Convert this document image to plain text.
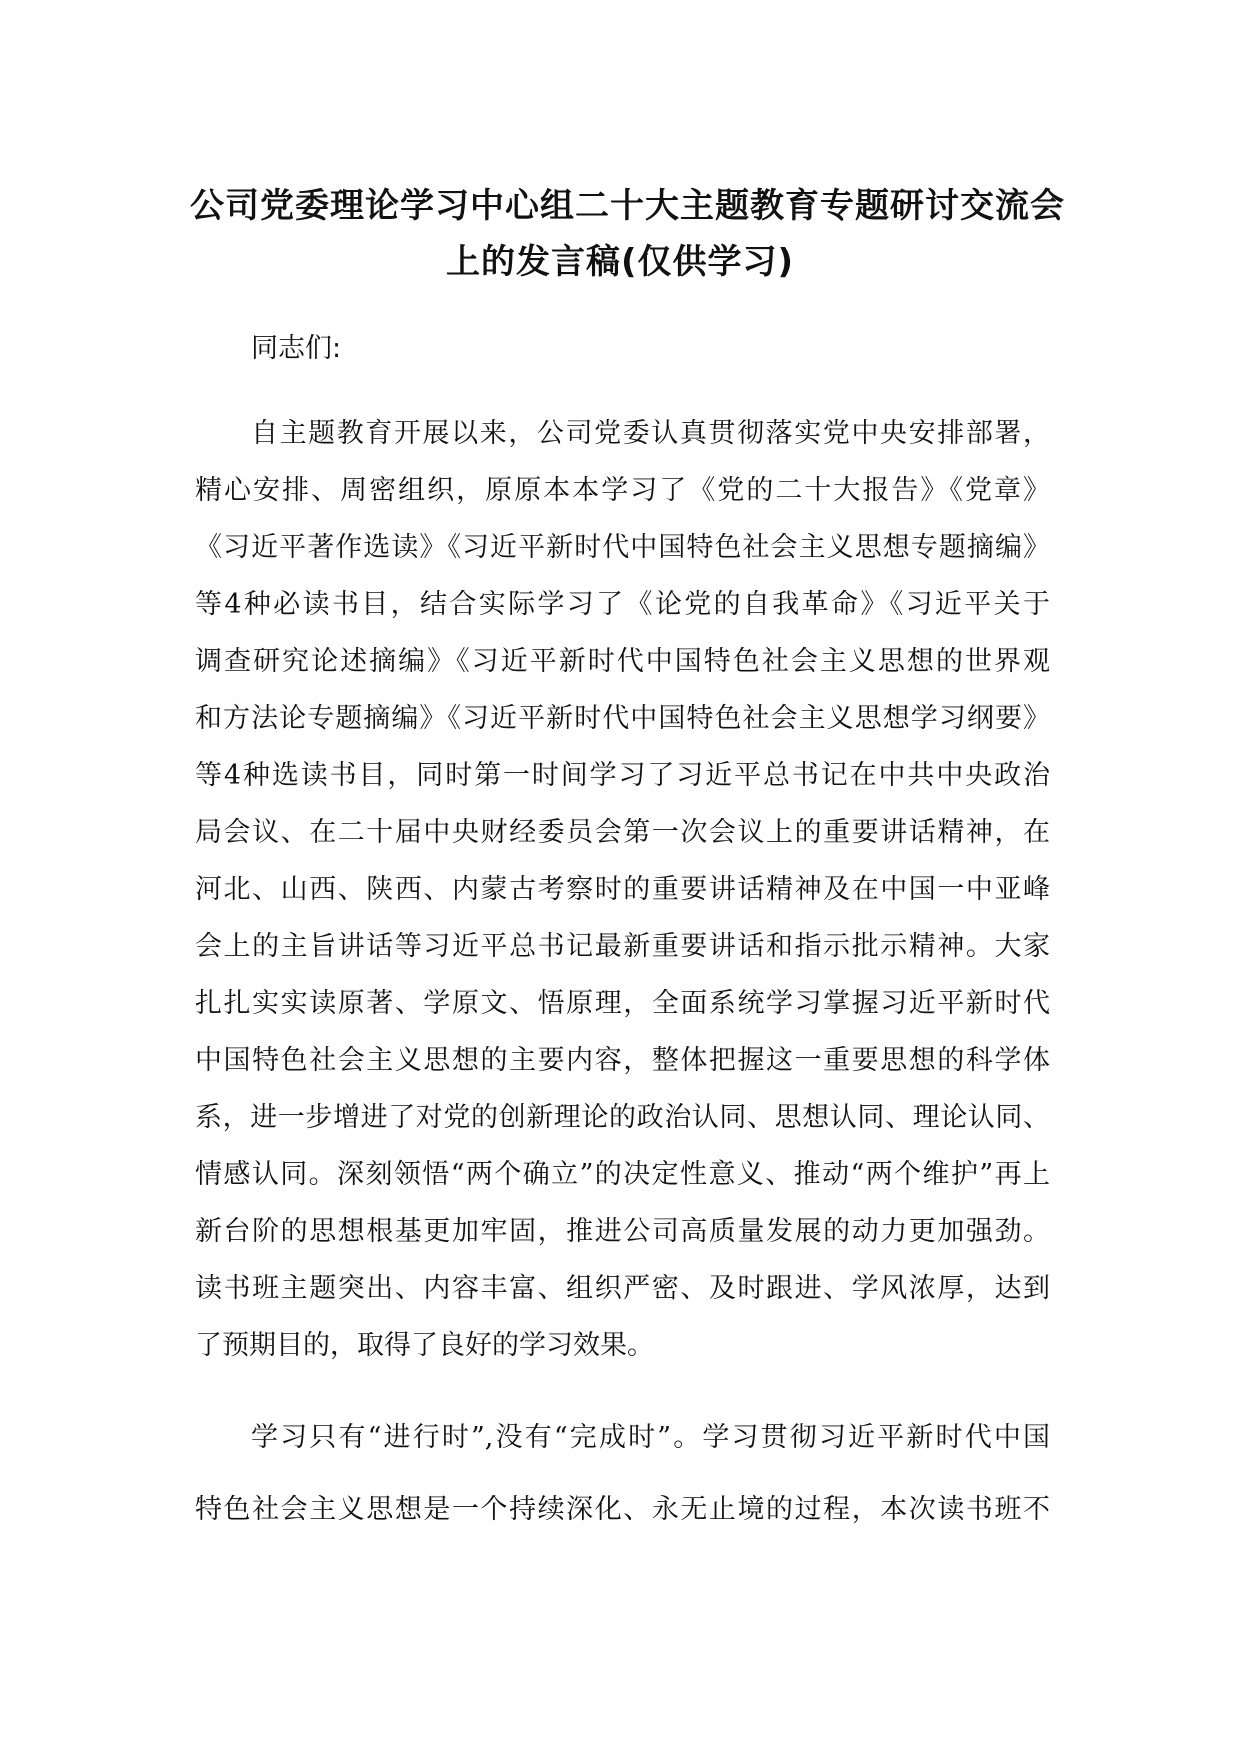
公司党委理论学习中心组二十大主题教育专题研讨交流会
上的发言稿(仅供学习)
同志们:
自主题教育开展以来，公司党委认真贯彻落实党中央安排部署，
精心安排、周密组织，原原本本学习了《党的二十大报告》《党章》
《习近平著作选读》《习近平新时代中国特色社会主义思想专题摘编》
等4种必读书目，结合实际学习了《论党的自我革命》《习近平关于
调查研究论述摘编》《习近平新时代中国特色社会主义思想的世界观
和方法论专题摘编》《习近平新时代中国特色社会主义思想学习纲要》
等4种选读书目，同时第一时间学习了习近平总书记在中共中央政治
局会议、在二十届中央财经委员会第一次会议上的重要讲话精神，在
河北、山西、陕西、内蒙古考察时的重要讲话精神及在中国一中亚峰
会上的主旨讲话等习近平总书记最新重要讲话和指示批示精神。大家
扎扎实实读原著、学原文、悟原理，全面系统学习掌握习近平新时代
中国特色社会主义思想的主要内容，整体把握这一重要思想的科学体
系，进一步增进了对党的创新理论的政治认同、思想认同、理论认同、
情感认同。深刻领悟“两个确立”的决定性意义、推动“两个维护”再上
新台阶的思想根基更加牢固，推进公司高质量发展的动力更加强劲。
读书班主题突出、内容丰富、组织严密、及时跟进、学风浓厚，达到
了预期目的，取得了良好的学习效果。
学习只有“进行时”,没有“完成时”。学习贯彻习近平新时代中国
特色社会主义思想是一个持续深化、永无止境的过程，本次读书班不
